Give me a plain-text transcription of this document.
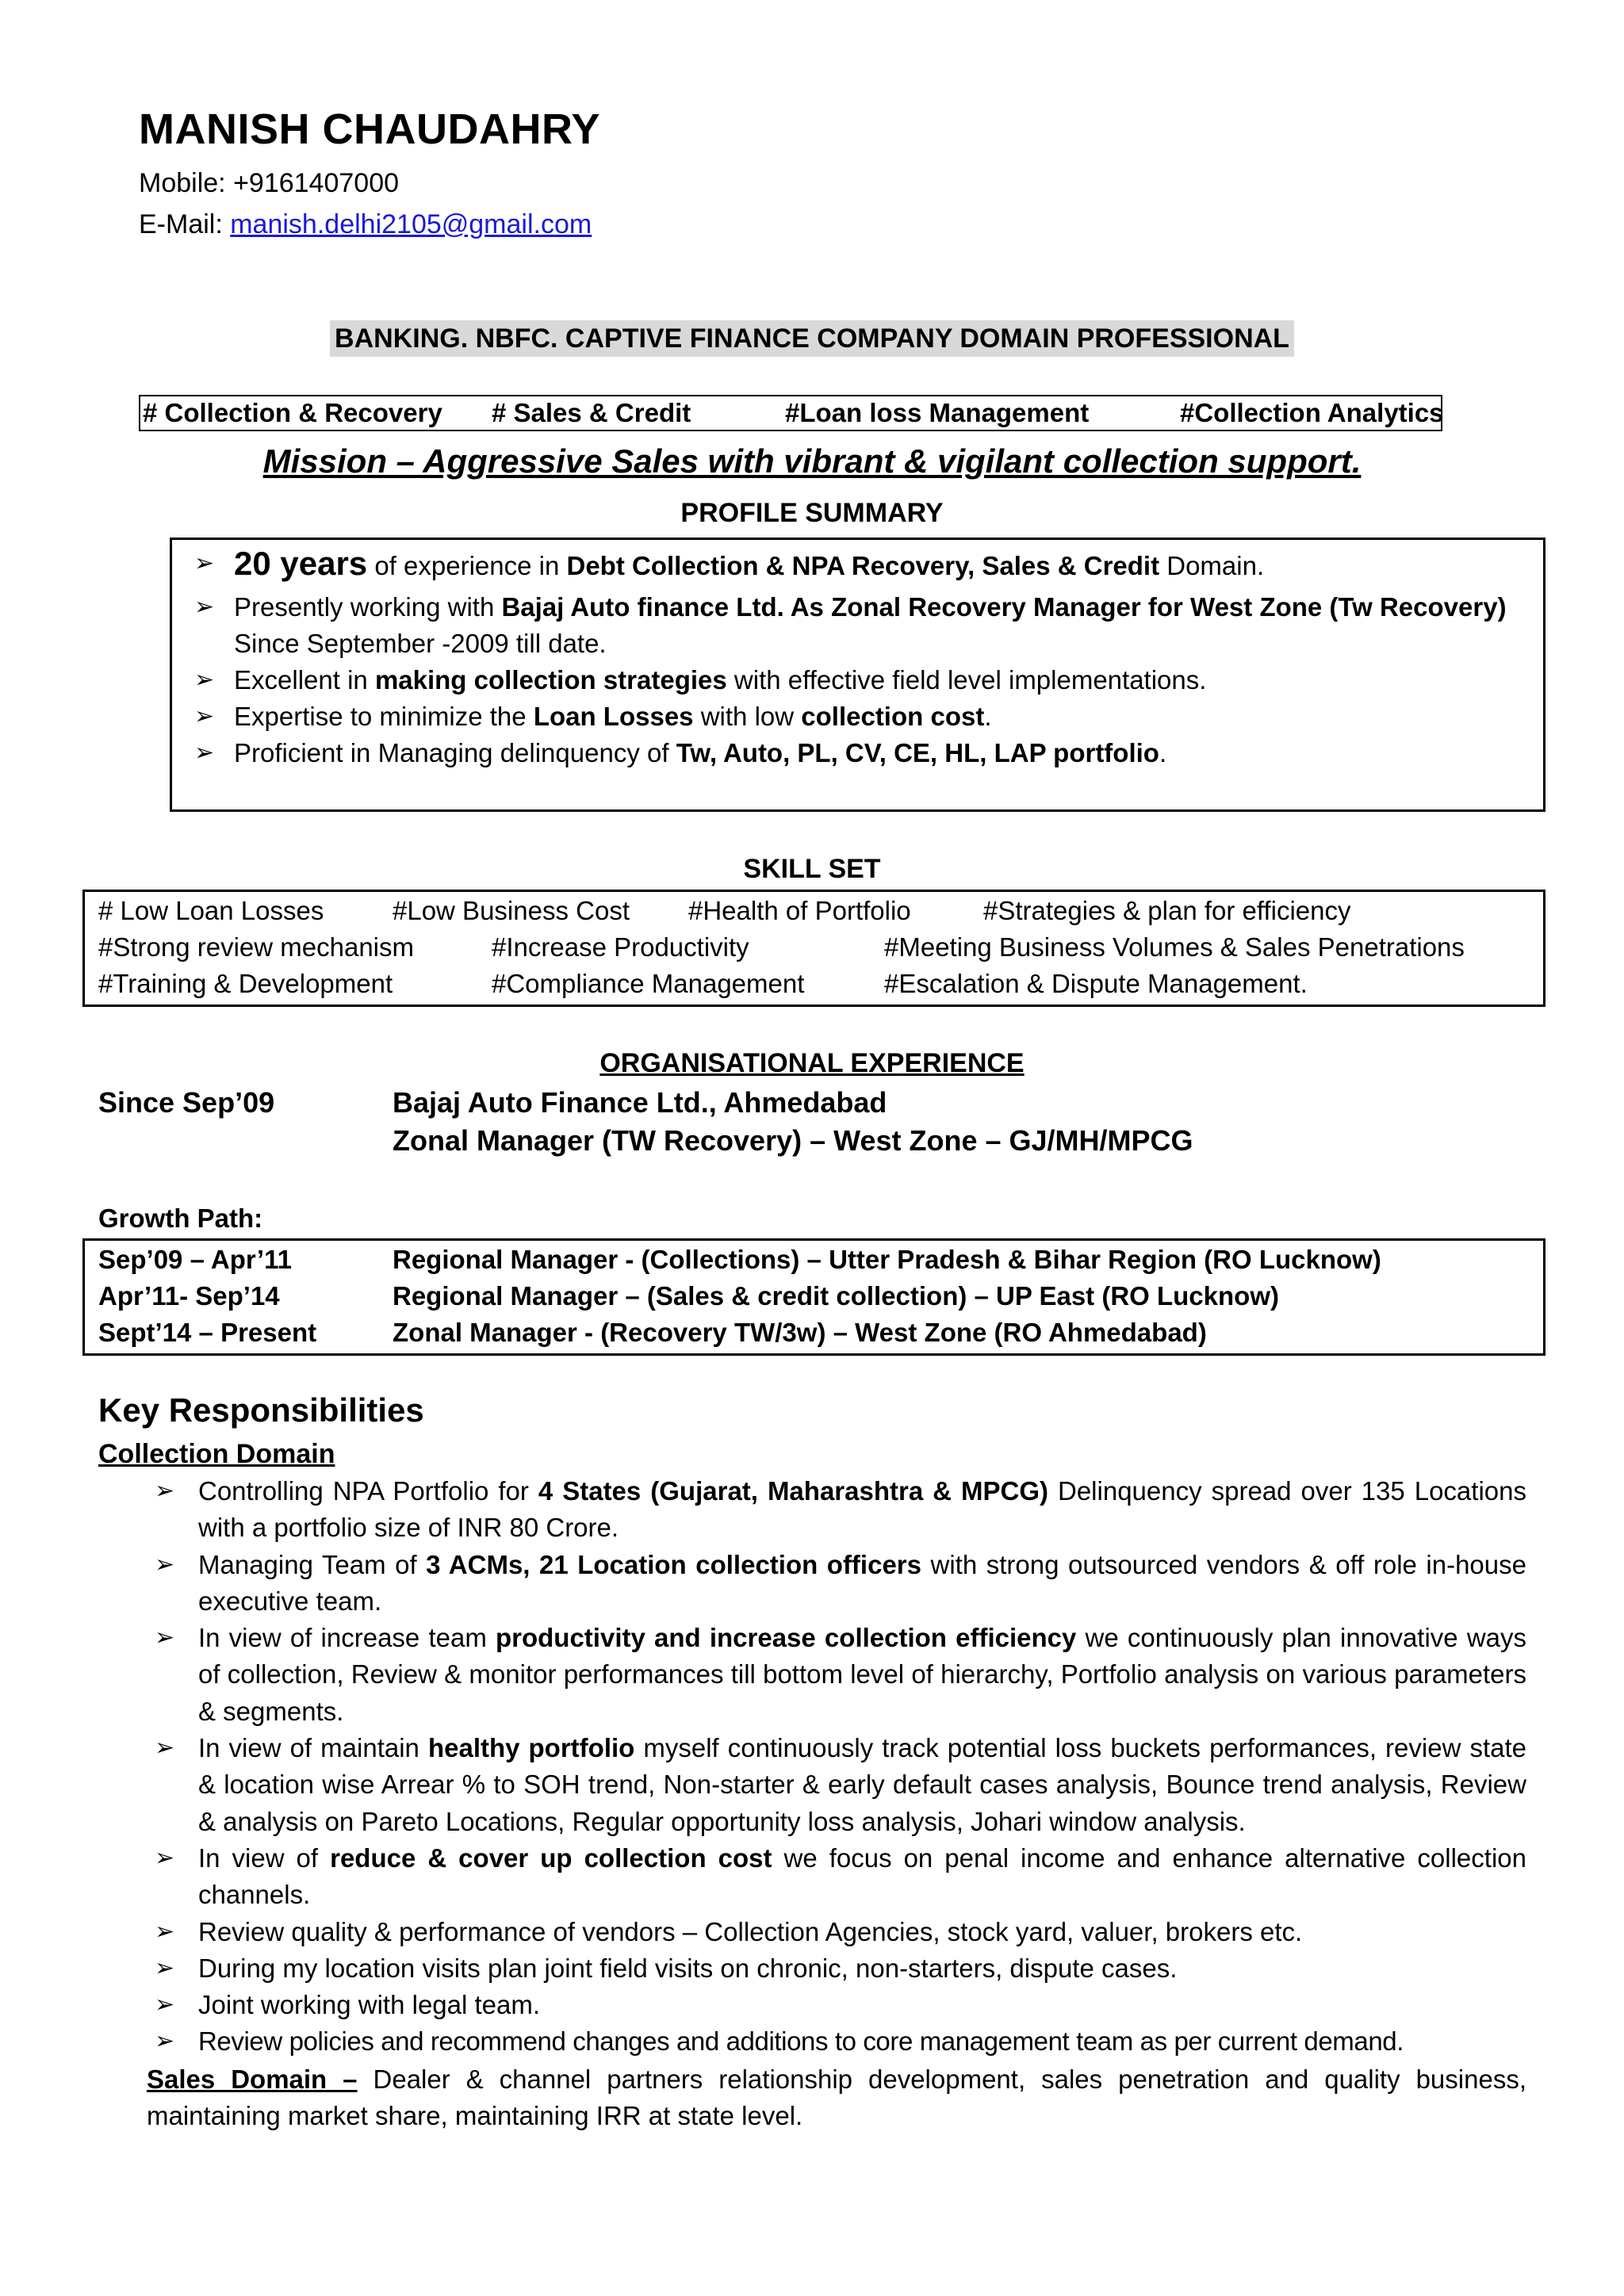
MANISH CHAUDAHRY
Mobile: +9161407000
E-Mail: manish.delhi2105@gmail.com
BANKING. NBFC. CAPTIVE FINANCE COMPANY DOMAIN PROFESSIONAL
# Collection & Recovery # Sales & Credit	#Loan loss Management	#Collection Analytics
Mission – Aggressive Sales with vibrant & vigilant collection support.
PROFILE SUMMARY
➢ 20 years of experience in Debt Collection & NPA Recovery, Sales & Credit Domain.
➢ Presently working with Bajaj Auto finance Ltd. As Zonal Recovery Manager for West Zone (Tw Recovery) Since September -2009 till date.
➢ Excellent in making collection strategies with effective field level implementations.
➢ Expertise to minimize the Loan Losses with low collection cost.
➢ Proficient in Managing delinquency of Tw, Auto, PL, CV, CE, HL, LAP portfolio.
SKILL SET
# Low Loan Losses	#Low Business Cost #Health of Portfolio	#Strategies & plan for efficiency
#Strong review mechanism	#Increase Productivity	#Meeting Business Volumes & Sales Penetrations
#Training & Development	#Compliance Management	#Escalation & Dispute Management.
ORGANISATIONAL EXPERIENCE
Since Sep’09	Bajaj Auto Finance Ltd., Ahmedabad
Zonal Manager (TW Recovery) – West Zone – GJ/MH/MPCG
Growth Path:
Sep’09 – Apr’11	Regional Manager - (Collections) – Utter Pradesh & Bihar Region (RO Lucknow)
Apr’11- Sep’14	Regional Manager – (Sales & credit collection) – UP East (RO Lucknow)
Sept’14 – Present	Zonal Manager - (Recovery TW/3w) – West Zone (RO Ahmedabad)
Key Responsibilities
Collection Domain
➢ Controlling NPA Portfolio for 4 States (Gujarat, Maharashtra & MPCG) Delinquency spread over 135 Locations with a portfolio size of INR 80 Crore.
➢ Managing Team of 3 ACMs, 21 Location collection officers with strong outsourced vendors & off role in-house executive team.
➢ In view of increase team productivity and increase collection efficiency we continuously plan innovative ways of collection, Review & monitor performances till bottom level of hierarchy, Portfolio analysis on various parameters & segments.
➢ In view of maintain healthy portfolio myself continuously track potential loss buckets performances, review state & location wise Arrear % to SOH trend, Non-starter & early default cases analysis, Bounce trend analysis, Review & analysis on Pareto Locations, Regular opportunity loss analysis, Johari window analysis.
➢ In view of reduce & cover up collection cost we focus on penal income and enhance alternative collection channels.
➢ Review quality & performance of vendors – Collection Agencies, stock yard, valuer, brokers etc.
➢ During my location visits plan joint field visits on chronic, non-starters, dispute cases.
➢ Joint working with legal team.
➢ Review policies and recommend changes and additions to core management team as per current demand.
Sales Domain – Dealer & channel partners relationship development, sales penetration and quality business, maintaining market share, maintaining IRR at state level.
